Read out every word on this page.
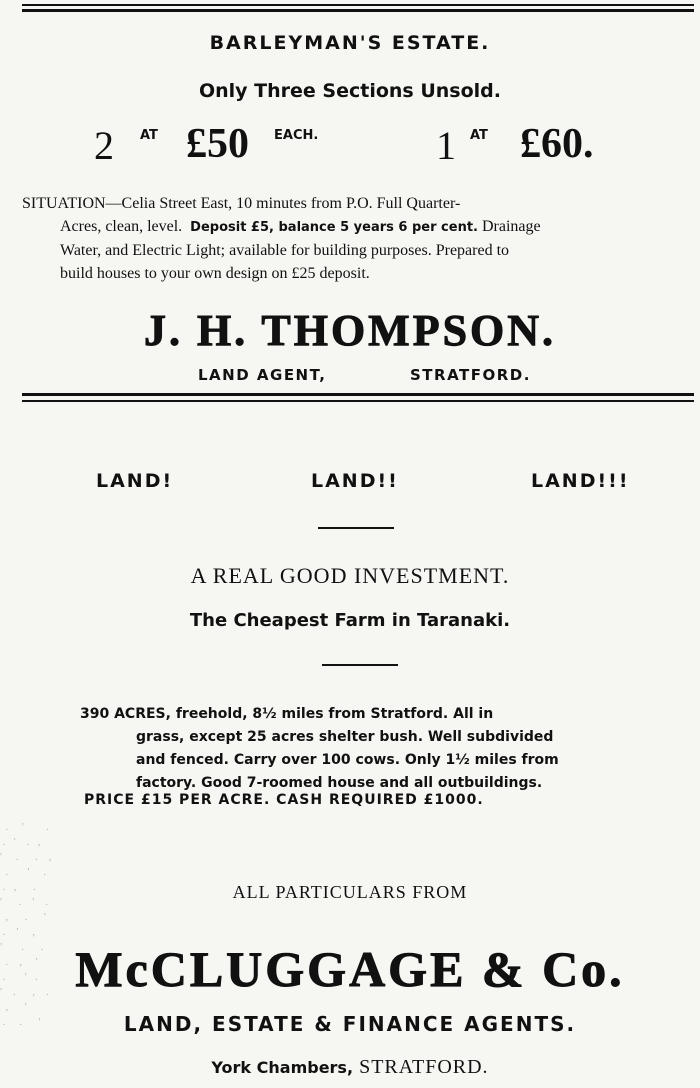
.     '        .
.   '    .   ,
'     .      .    ,
.       '     .
.   ,      .
'      .    '    .
,      .      '
.    '     ,
'       .      .
.    ,     '
.       '   .
'    .      ,    .
,      '
.     .      '
BARLEYMAN'S ESTATE.
Only Three Sections Unsold.
2 AT £50 EACH.	1 AT £60.
SITUATION—Celia Street East, 10 minutes from P.O. Full Quarter-
Acres, clean, level. Deposit £5, balance 5 years 6 per cent. Drainage
Water, and Electric Light; available for building purposes. Prepared to
build houses to your own design on £25 deposit.
J. H. THOMPSON.
LAND AGENT,	STRATFORD.
LAND!	LAND!!	LAND!!!
A REAL GOOD INVESTMENT.
The Cheapest Farm in Taranaki.
390 ACRES, freehold, 8½ miles from Stratford. All in
grass, except 25 acres shelter bush. Well subdivided
and fenced. Carry over 100 cows. Only 1½ miles from
factory. Good 7-roomed house and all outbuildings.
PRICE £15 PER ACRE. CASH REQUIRED £1000.
ALL PARTICULARS FROM
McCLUGGAGE & Co.
LAND, ESTATE & FINANCE AGENTS.
York Chambers, STRATFORD.
